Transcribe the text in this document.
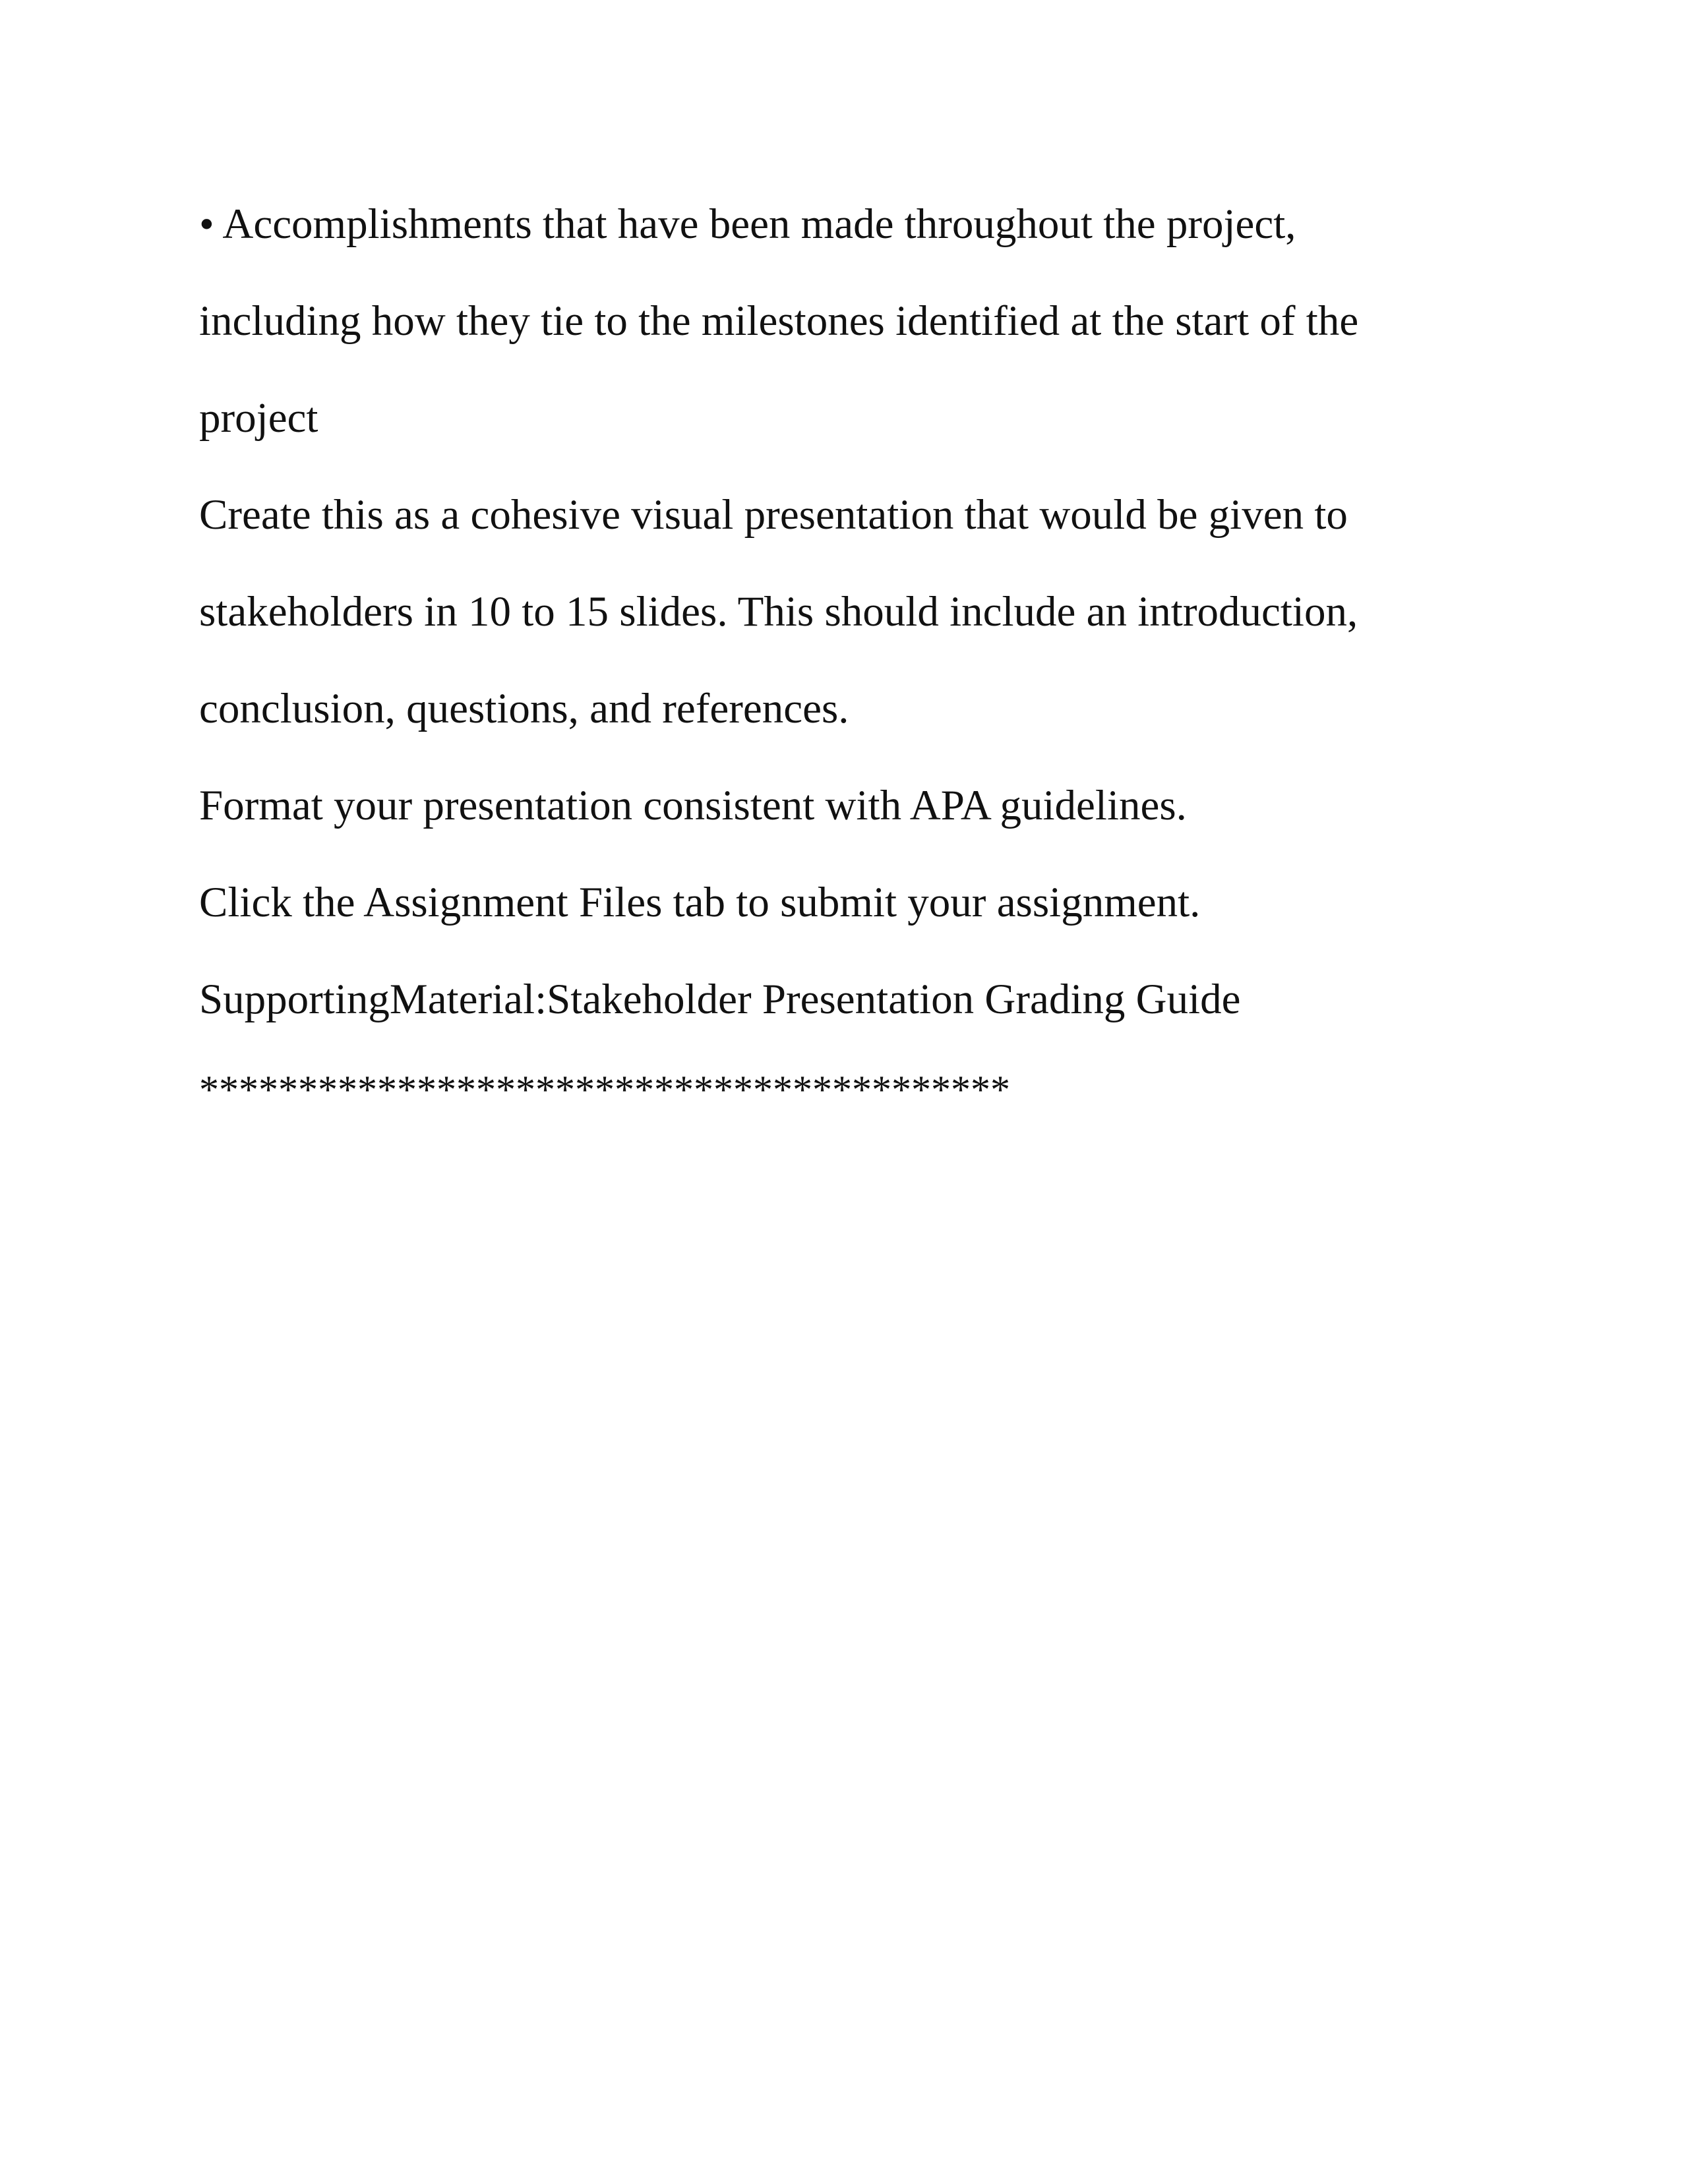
• Accomplishments that have been made throughout the project,
including how they tie to the milestones identified at the start of the
project
Create this as a cohesive visual presentation that would be given to
stakeholders in 10 to 15 slides. This should include an introduction,
conclusion, questions, and references.
Format your presentation consistent with APA guidelines.
Click the Assignment Files tab to submit your assignment.
SupportingMaterial:Stakeholder Presentation Grading Guide
*****************************************
